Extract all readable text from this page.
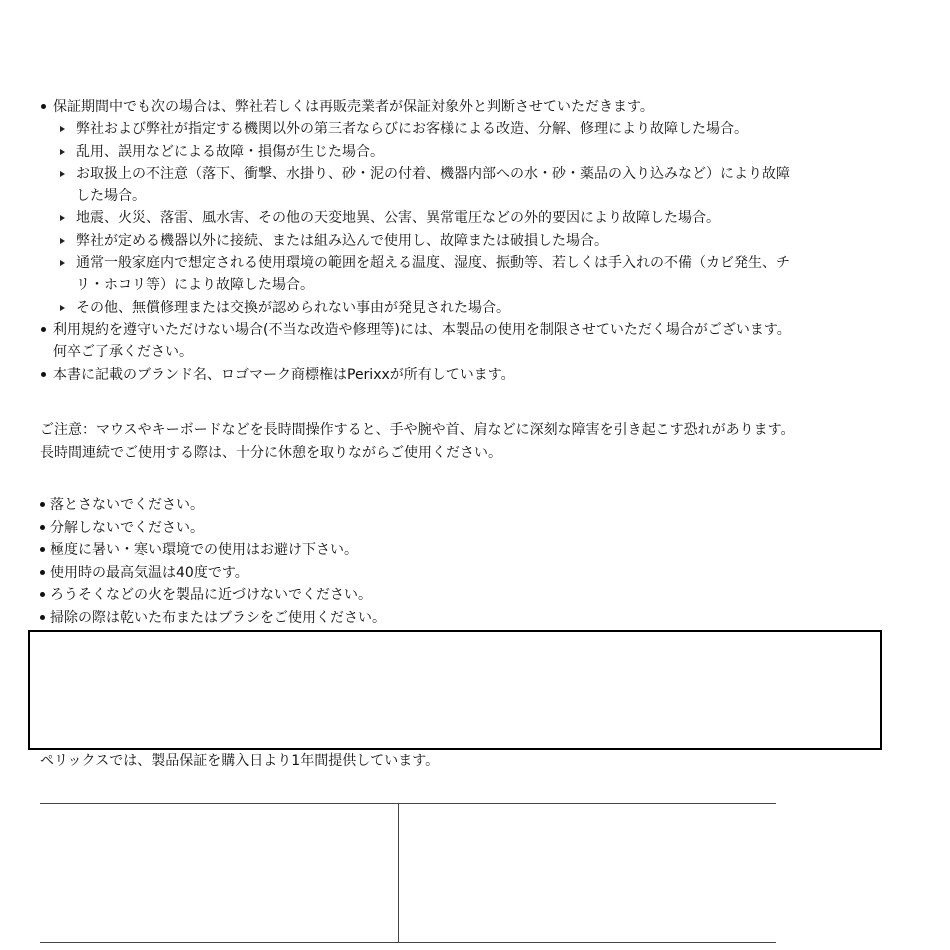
保証期間中でも次の場合は、弊社若しくは再販売業者が保証対象外と判断させていただきます。
弊社および弊社が指定する機関以外の第三者ならびにお客様による改造、分解、修理により故障した場合。
乱用、誤用などによる故障・損傷が生じた場合。
お取扱上の不注意（落下、衝撃、水掛り、砂・泥の付着、機器内部への水・砂・薬品の入り込みなど）により故障した場合。
地震、火災、落雷、風水害、その他の天変地異、公害、異常電圧などの外的要因により故障した場合。
弊社が定める機器以外に接続、または組み込んで使用し、故障または破損した場合。
通常一般家庭内で想定される使用環境の範囲を超える温度、湿度、振動等、若しくは手入れの不備（カビ発生、チリ・ホコリ等）により故障した場合。
その他、無償修理または交換が認められない事由が発見された場合。
利用規約を遵守いただけない場合(不当な改造や修理等)には、本製品の使用を制限させていただく場合がございます。何卒ご了承ください。
本書に記載のブランド名、ロゴマーク商標権はPerixxが所有しています。
ご注意：マウスやキーボードなどを長時間操作すると、手や腕や首、肩などに深刻な障害を引き起こす恐れがあります。長時間連続でご使用する際は、十分に休憩を取りながらご使用ください。
落とさないでください。
分解しないでください。
極度に暑い・寒い環境での使用はお避け下さい。
使用時の最高気温は40度です。
ろうそくなどの火を製品に近づけないでください。
掃除の際は乾いた布またはブラシをご使用ください。
ペリックスでは、製品保証を購入日より1年間提供しています。
